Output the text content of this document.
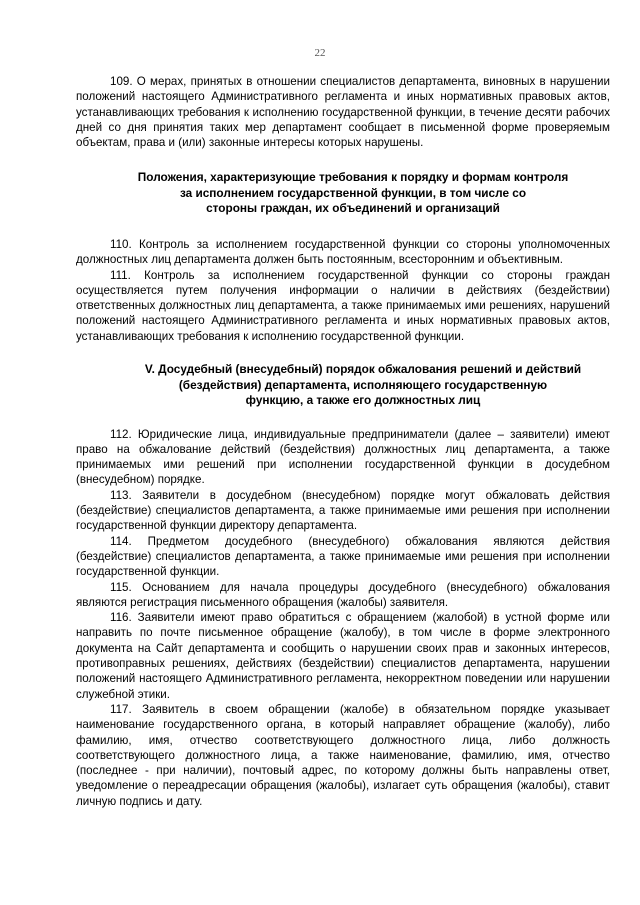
22

109. О мерах, принятых в отношении специалистов департамента, виновных в нарушении положений настоящего Административного регламента и иных нормативных правовых актов, устанавливающих требования к исполнению государственной функции, в течение десяти рабочих дней со дня принятия таких мер департамент сообщает в письменной форме проверяемым объектам, права и (или) законные интересы которых нарушены.

Положения, характеризующие требования к порядку и формам контроля
за исполнением государственной функции, в том числе со
стороны граждан, их объединений и организаций

110. Контроль за исполнением государственной функции со стороны уполномоченных должностных лиц департамента должен быть постоянным, всесторонним и объективным.

111. Контроль за исполнением государственной функции со стороны граждан осуществляется путем получения информации о наличии в действиях (бездействии) ответственных должностных лиц департамента, а также принимаемых ими решениях, нарушений положений настоящего Административного регламента и иных нормативных правовых актов, устанавливающих требования к исполнению государственной функции.

V. Досудебный (внесудебный) порядок обжалования решений и действий
(бездействия) департамента, исполняющего государственную
функцию, а также его должностных лиц

112. Юридические лица, индивидуальные предприниматели (далее – заявители) имеют право на обжалование действий (бездействия) должностных лиц департамента, а также принимаемых ими решений при исполнении государственной функции в досудебном (внесудебном) порядке.

113. Заявители в досудебном (внесудебном) порядке могут обжаловать действия (бездействие) специалистов департамента, а также принимаемые ими решения при исполнении государственной функции директору департамента.

114. Предметом досудебного (внесудебного) обжалования являются действия (бездействие) специалистов департамента, а также принимаемые ими решения при исполнении государственной функции.

115. Основанием для начала процедуры досудебного (внесудебного) обжалования являются регистрация письменного обращения (жалобы) заявителя.

116. Заявители имеют право обратиться с обращением (жалобой) в устной форме или направить по почте письменное обращение (жалобу), в том числе в форме электронного документа на Сайт департамента и сообщить о нарушении своих прав и законных интересов, противоправных решениях, действиях (бездействии) специалистов департамента, нарушении положений настоящего Административного регламента, некорректном поведении или нарушении служебной этики.

117. Заявитель в своем обращении (жалобе) в обязательном порядке указывает наименование государственного органа, в который направляет обращение (жалобу), либо фамилию, имя, отчество соответствующего должностного лица, либо должность соответствующего должностного лица, а также наименование, фамилию, имя, отчество (последнее - при наличии), почтовый адрес, по которому должны быть направлены ответ, уведомление о переадресации обращения (жалобы), излагает суть обращения (жалобы), ставит личную подпись и дату.
